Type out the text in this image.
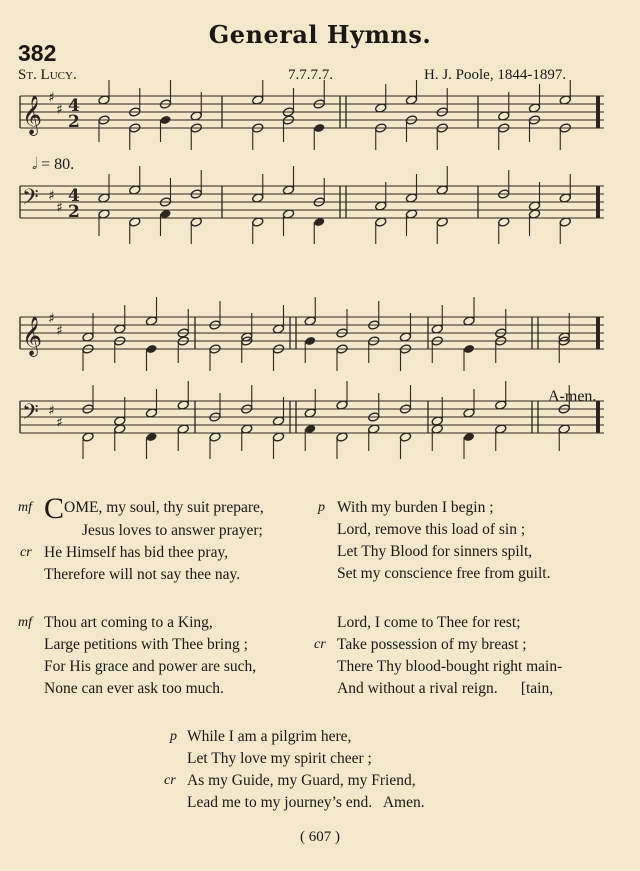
General Hymns.
382
St. Lucy.	7.7.7.7.	H. J. Poole, 1844-1897.
𝅗𝅥 = 80.
A-men.
𝄞 ♯
♯ 4
2
𝄢 ♯
♯
4
2
𝄞 ♯
♯
𝄢 ♯
♯
mf COME, my soul, thy suit prepare,
Jesus loves to answer prayer;
cr He Himself has bid thee pray,
Therefore will not say thee nay.
p With my burden I begin ;
Lord, remove this load of sin ;
Let Thy Blood for sinners spilt,
Set my conscience free from guilt.
mf Thou art coming to a King,
Large petitions with Thee bring ;
For His grace and power are such,
None can ever ask too much.
Lord, I come to Thee for rest;
cr Take possession of my breast ;
There Thy blood-bought right main-
And without a rival reign.      [tain,
p While I am a pilgrim here,
Let Thy love my spirit cheer ;
cr As my Guide, my Guard, my Friend,
Lead me to my journey’s end.   Amen.
( 607 )
